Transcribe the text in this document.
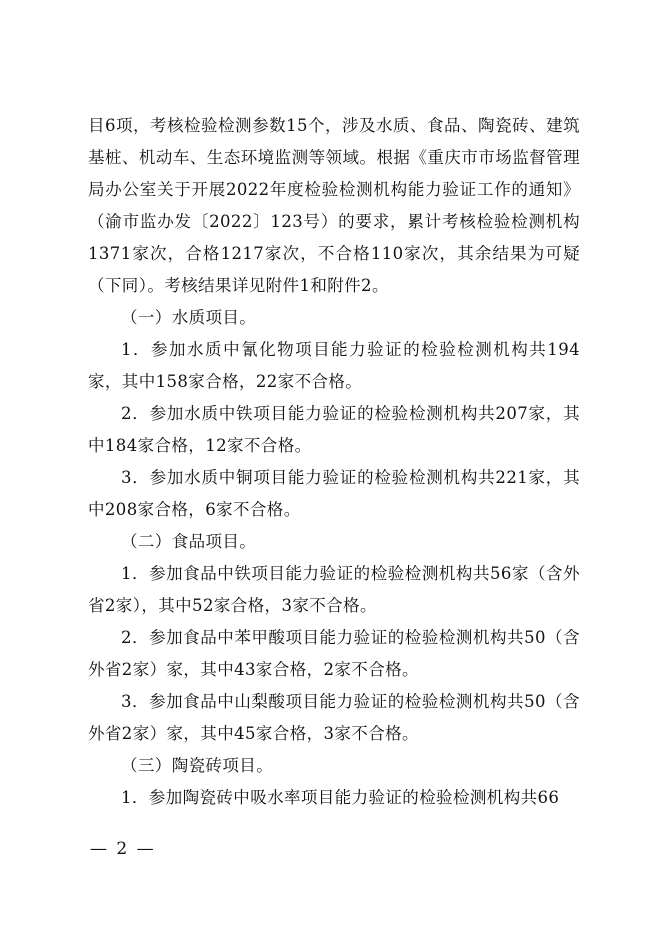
目6项，考核检验检测参数15个，涉及水质、食品、陶瓷砖、建筑基桩、机动车、生态环境监测等领域。根据《重庆市市场监督管理局办公室关于开展2022年度检验检测机构能力验证工作的通知》（渝市监办发〔2022〕123号）的要求，累计考核检验检测机构1371家次，合格1217家次，不合格110家次，其余结果为可疑（下同）。考核结果详见附件1和附件2。

（一）水质项目。

1．参加水质中氰化物项目能力验证的检验检测机构共194家，其中158家合格，22家不合格。

2．参加水质中铁项目能力验证的检验检测机构共207家，其中184家合格，12家不合格。

3．参加水质中铜项目能力验证的检验检测机构共221家，其中208家合格，6家不合格。

（二）食品项目。

1．参加食品中铁项目能力验证的检验检测机构共56家（含外省2家），其中52家合格，3家不合格。

2．参加食品中苯甲酸项目能力验证的检验检测机构共50（含外省2家）家，其中43家合格，2家不合格。

3．参加食品中山梨酸项目能力验证的检验检测机构共50（含外省2家）家，其中45家合格，3家不合格。

（三）陶瓷砖项目。

1．参加陶瓷砖中吸水率项目能力验证的检验检测机构共66

— 2 —
